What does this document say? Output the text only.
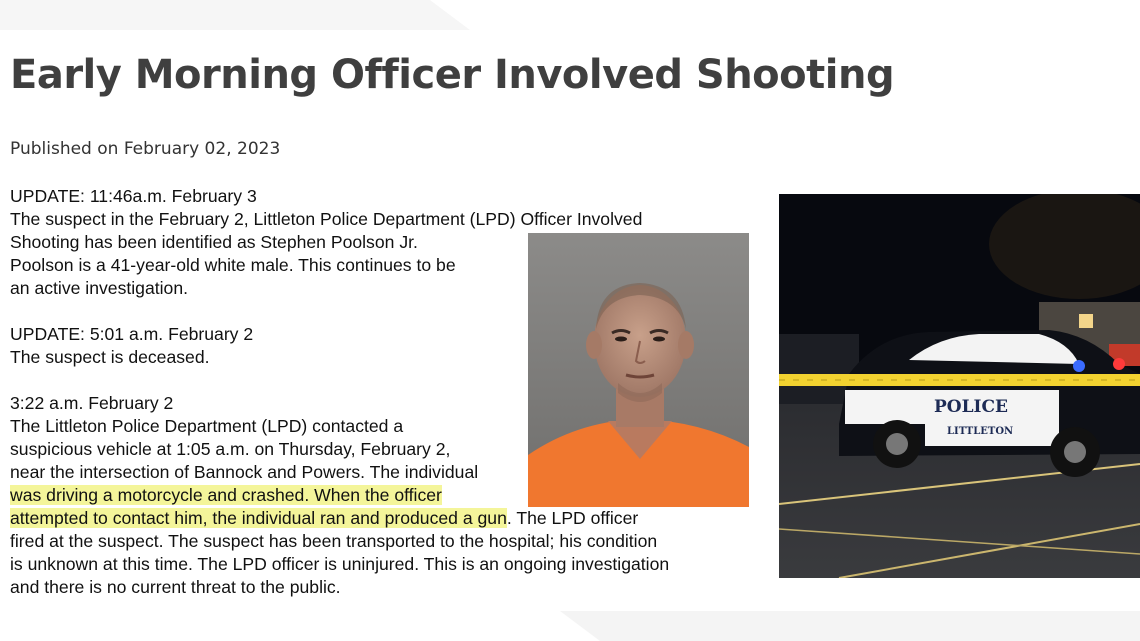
Early Morning Officer Involved Shooting

Published on February 02, 2023

UPDATE: 11:46a.m. February 3
The suspect in the February 2, Littleton Police Department (LPD) Officer Involved
Shooting has been identified as Stephen Poolson Jr.
Poolson is a 41-year-old white male. This continues to be
an active investigation.
UPDATE: 5:01 a.m. February 2
The suspect is deceased.
3:22 a.m. February 2
The Littleton Police Department (LPD) contacted a
suspicious vehicle at 1:05 a.m. on Thursday, February 2,
near the intersection of Bannock and Powers. The individual
was driving a motorcycle and crashed. When the officer
attempted to contact him, the individual ran and produced a gun. The LPD officer
fired at the suspect. The suspect has been transported to the hospital; his condition
is unknown at this time. The LPD officer is uninjured. This is an ongoing investigation
and there is no current threat to the public.
POLICE
LITTLETON
